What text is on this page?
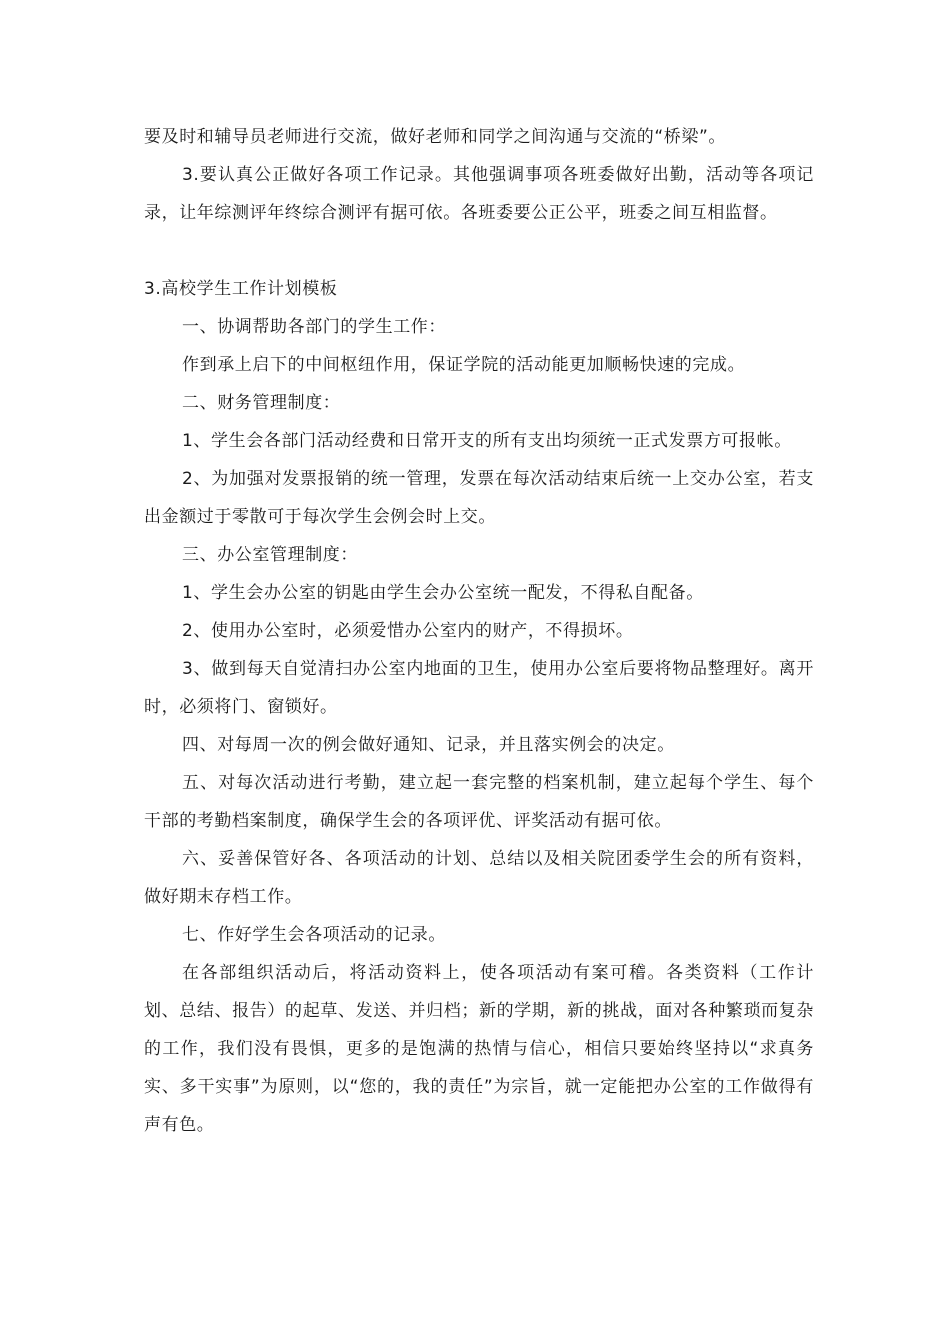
要及时和辅导员老师进行交流，做好老师和同学之间沟通与交流的“桥梁”。

3.要认真公正做好各项工作记录。其他强调事项各班委做好出勤，活动等各项记录，让年综测评年终综合测评有据可依。各班委要公正公平，班委之间互相监督。

3.高校学生工作计划模板

一、协调帮助各部门的学生工作：

作到承上启下的中间枢纽作用，保证学院的活动能更加顺畅快速的完成。

二、财务管理制度：

1、学生会各部门活动经费和日常开支的所有支出均须统一正式发票方可报帐。

2、为加强对发票报销的统一管理，发票在每次活动结束后统一上交办公室，若支出金额过于零散可于每次学生会例会时上交。

三、办公室管理制度：

1、学生会办公室的钥匙由学生会办公室统一配发，不得私自配备。

2、使用办公室时，必须爱惜办公室内的财产，不得损坏。

3、做到每天自觉清扫办公室内地面的卫生，使用办公室后要将物品整理好。离开时，必须将门、窗锁好。

四、对每周一次的例会做好通知、记录，并且落实例会的决定。

五、对每次活动进行考勤，建立起一套完整的档案机制，建立起每个学生、每个干部的考勤档案制度，确保学生会的各项评优、评奖活动有据可依。

六、妥善保管好各、各项活动的计划、总结以及相关院团委学生会的所有资料，做好期末存档工作。

七、作好学生会各项活动的记录。

在各部组织活动后，将活动资料上，使各项活动有案可稽。各类资料（工作计划、总结、报告）的起草、发送、并归档；新的学期，新的挑战，面对各种繁琐而复杂的工作，我们没有畏惧，更多的是饱满的热情与信心，相信只要始终坚持以“求真务实、多干实事”为原则，以“您的，我的责任”为宗旨，就一定能把办公室的工作做得有声有色。
